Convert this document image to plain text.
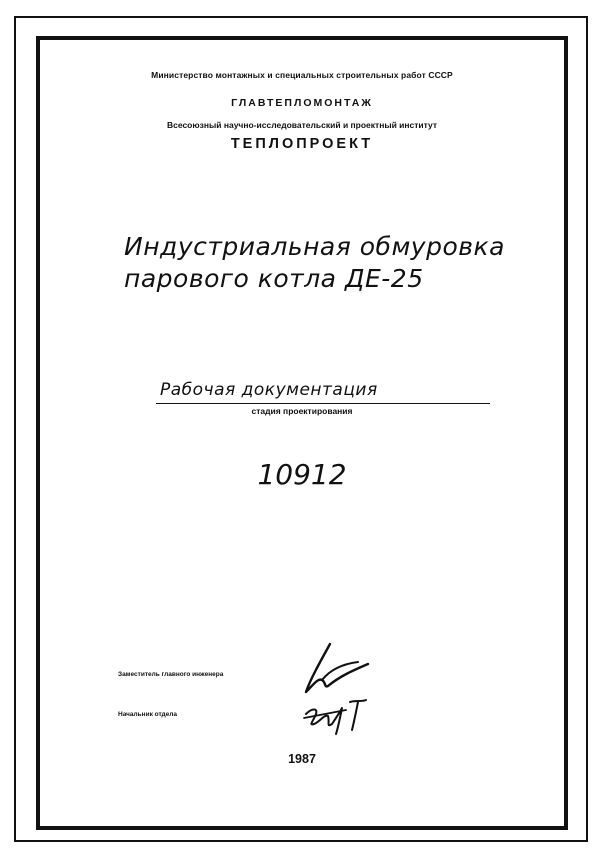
Министерство монтажных и специальных строительных работ СССР
ГЛАВТЕПЛОМОНТАЖ
Всесоюзный научно-исследовательский и проектный институт
ТЕПЛОПРОЕКТ
Индустриальная обмуровка
парового котла ДЕ-25
Рабочая документация
стадия проектирования
10912
Заместитель главного инженера
Начальник отдела
1987
